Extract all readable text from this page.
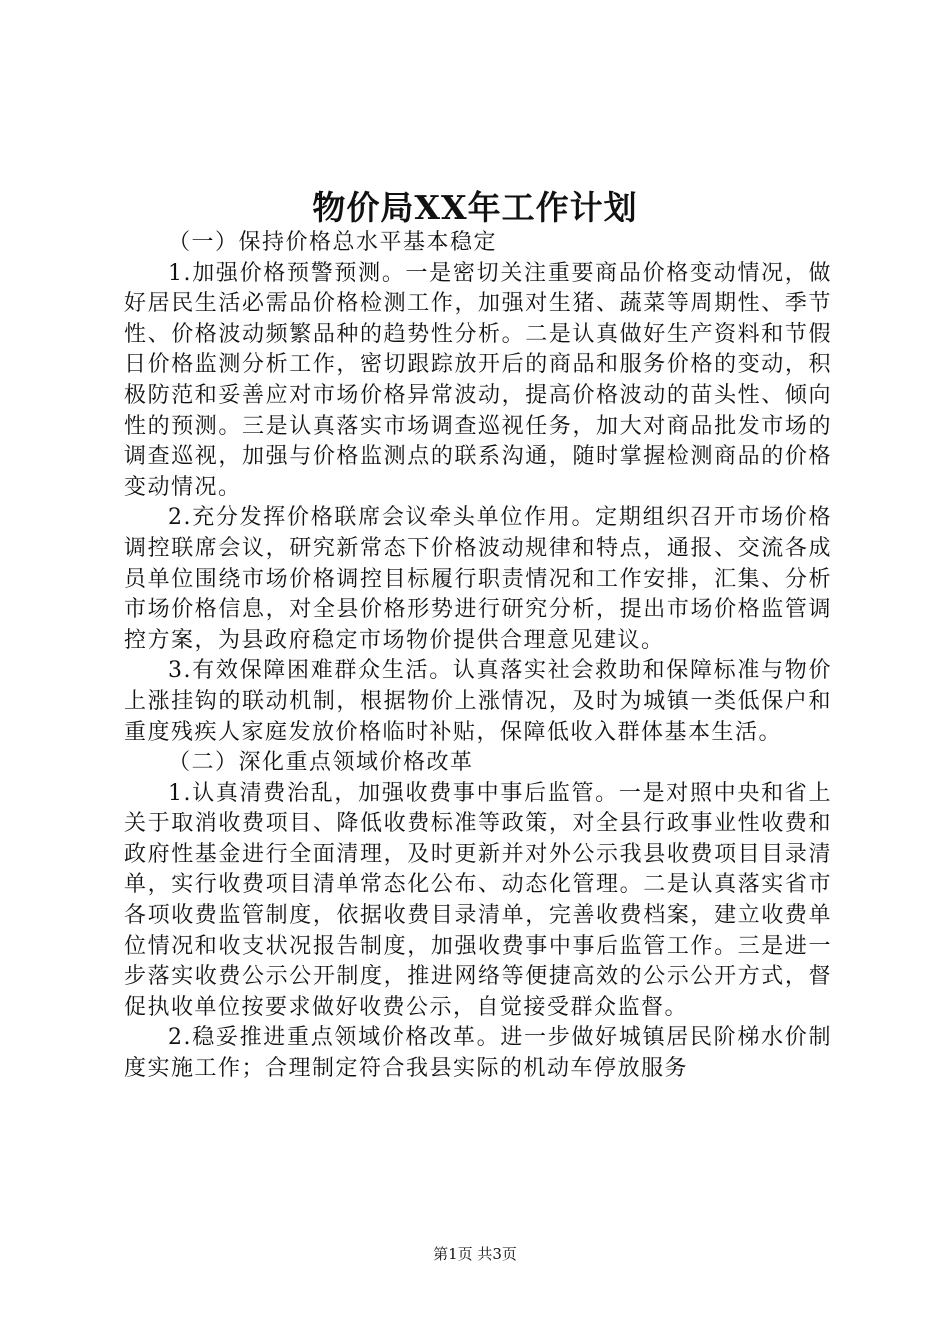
物价局XX年工作计划

（一）保持价格总水平基本稳定

1.加强价格预警预测。一是密切关注重要商品价格变动情况，做好居民生活必需品价格检测工作，加强对生猪、蔬菜等周期性、季节性、价格波动频繁品种的趋势性分析。二是认真做好生产资料和节假日价格监测分析工作，密切跟踪放开后的商品和服务价格的变动，积极防范和妥善应对市场价格异常波动，提高价格波动的苗头性、倾向性的预测。三是认真落实市场调查巡视任务，加大对商品批发市场的调查巡视，加强与价格监测点的联系沟通，随时掌握检测商品的价格变动情况。

2.充分发挥价格联席会议牵头单位作用。定期组织召开市场价格调控联席会议，研究新常态下价格波动规律和特点，通报、交流各成员单位围绕市场价格调控目标履行职责情况和工作安排，汇集、分析市场价格信息，对全县价格形势进行研究分析，提出市场价格监管调控方案，为县政府稳定市场物价提供合理意见建议。

3.有效保障困难群众生活。认真落实社会救助和保障标准与物价上涨挂钩的联动机制，根据物价上涨情况，及时为城镇一类低保户和重度残疾人家庭发放价格临时补贴，保障低收入群体基本生活。

（二）深化重点领域价格改革

1.认真清费治乱，加强收费事中事后监管。一是对照中央和省上关于取消收费项目、降低收费标准等政策，对全县行政事业性收费和政府性基金进行全面清理，及时更新并对外公示我县收费项目目录清单，实行收费项目清单常态化公布、动态化管理。二是认真落实省市各项收费监管制度，依据收费目录清单，完善收费档案，建立收费单位情况和收支状况报告制度，加强收费事中事后监管工作。三是进一步落实收费公示公开制度，推进网络等便捷高效的公示公开方式，督促执收单位按要求做好收费公示，自觉接受群众监督。

2.稳妥推进重点领域价格改革。进一步做好城镇居民阶梯水价制度实施工作；合理制定符合我县实际的机动车停放服务

第1页 共3页
